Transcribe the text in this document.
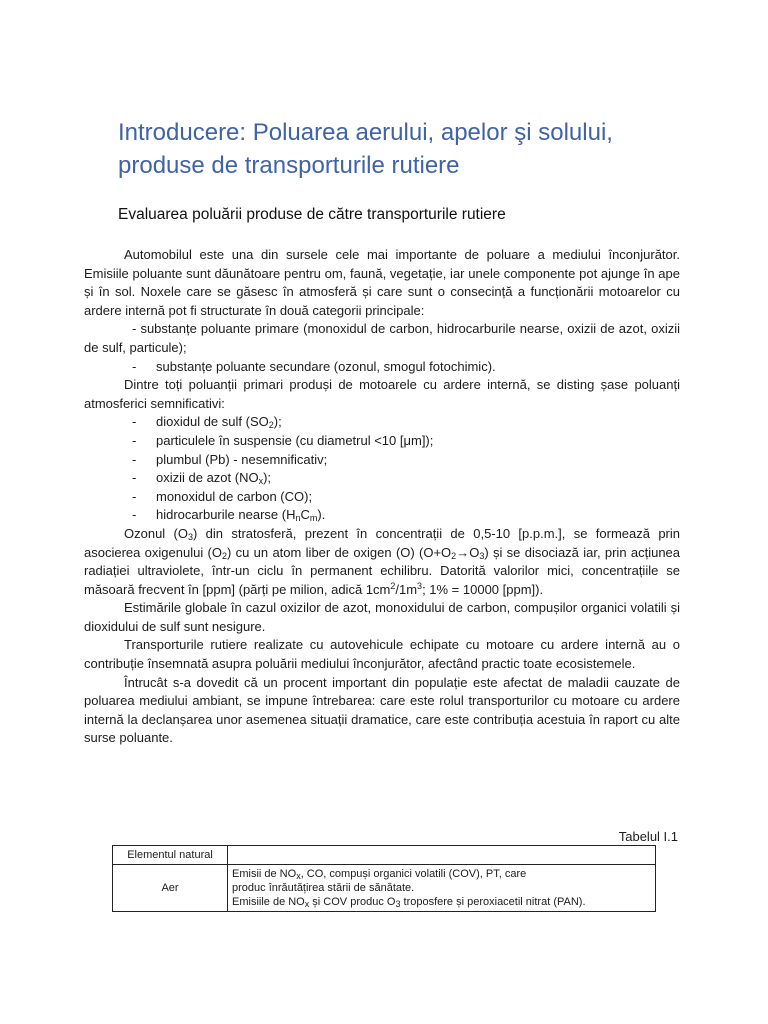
Introducere: Poluarea aerului, apelor şi solului, produse de transporturile rutiere
Evaluarea poluării produse de către transporturile rutiere

Automobilul este una din sursele cele mai importante de poluare a mediului înconjurător. Emisiile poluante sunt dăunătoare pentru om, faună, vegetație, iar unele componente pot ajunge în ape și în sol. Noxele care se găsesc în atmosferă și care sunt o consecință a funcționării motoarelor cu ardere internă pot fi structurate în două categorii principale:

- substanțe poluante primare (monoxidul de carbon, hidrocarburile nearse, oxizii de azot, oxizii de sulf, particule);

-	substanțe poluante secundare (ozonul, smogul fotochimic).

Dintre toți poluanții primari produși de motoarele cu ardere internă, se disting șase poluanți atmosferici semnificativi:

-	dioxidul de sulf $(SO_2)$;

-	particulele în suspensie (cu diametrul <10 [μm]);

-	plumbul (Pb) - nesemnificativ;

-	oxizii de azot $(NO_x)$;

-	monoxidul de carbon (CO);

-	hidrocarburile nearse $(H_nC_m)$.

Ozonul $(O_3)$ din stratosferă, prezent în concentrații de 0,5-10 [p.p.m.], se formează prin asocierea oxigenului $(O_2)$ cu un atom liber de oxigen (O) $(O+O_2\to O_3)$ și se disociază iar, prin acțiunea radiației ultraviolete, într-un ciclu în permanent echilibru. Datorită valorilor mici, concentrațiile se măsoară frecvent în [ppm] (părți pe milion, adică $1cm^2/1m^3$; 1% = 10000 [ppm]).

Estimările globale în cazul oxizilor de azot, monoxidului de carbon, compușilor organici volatili și dioxidului de sulf sunt nesigure.

Transporturile rutiere realizate cu autovehicule echipate cu motoare cu ardere internă au o contribuție însemnată asupra poluării mediului înconjurător, afectând practic toate ecosistemele.

Întrucât s-a dovedit că un procent important din populație este afectat de maladii cauzate de poluarea mediului ambiant, se impune întrebarea: care este rolul transporturilor cu motoare cu ardere internă la declanșarea unor asemenea situații dramatice, care este contribuția acestuia în raport cu alte surse poluante.

Tabelul I.1
Elementul natural	
Aer	Emisii de $NO_x$, CO, compuși organici volatili (COV), PT, care
produc înrăutățirea stării de sănătate.
Emisiile de $NO_x$ și COV produc $O_3$ troposfere și peroxiacetil nitrat (PAN).
